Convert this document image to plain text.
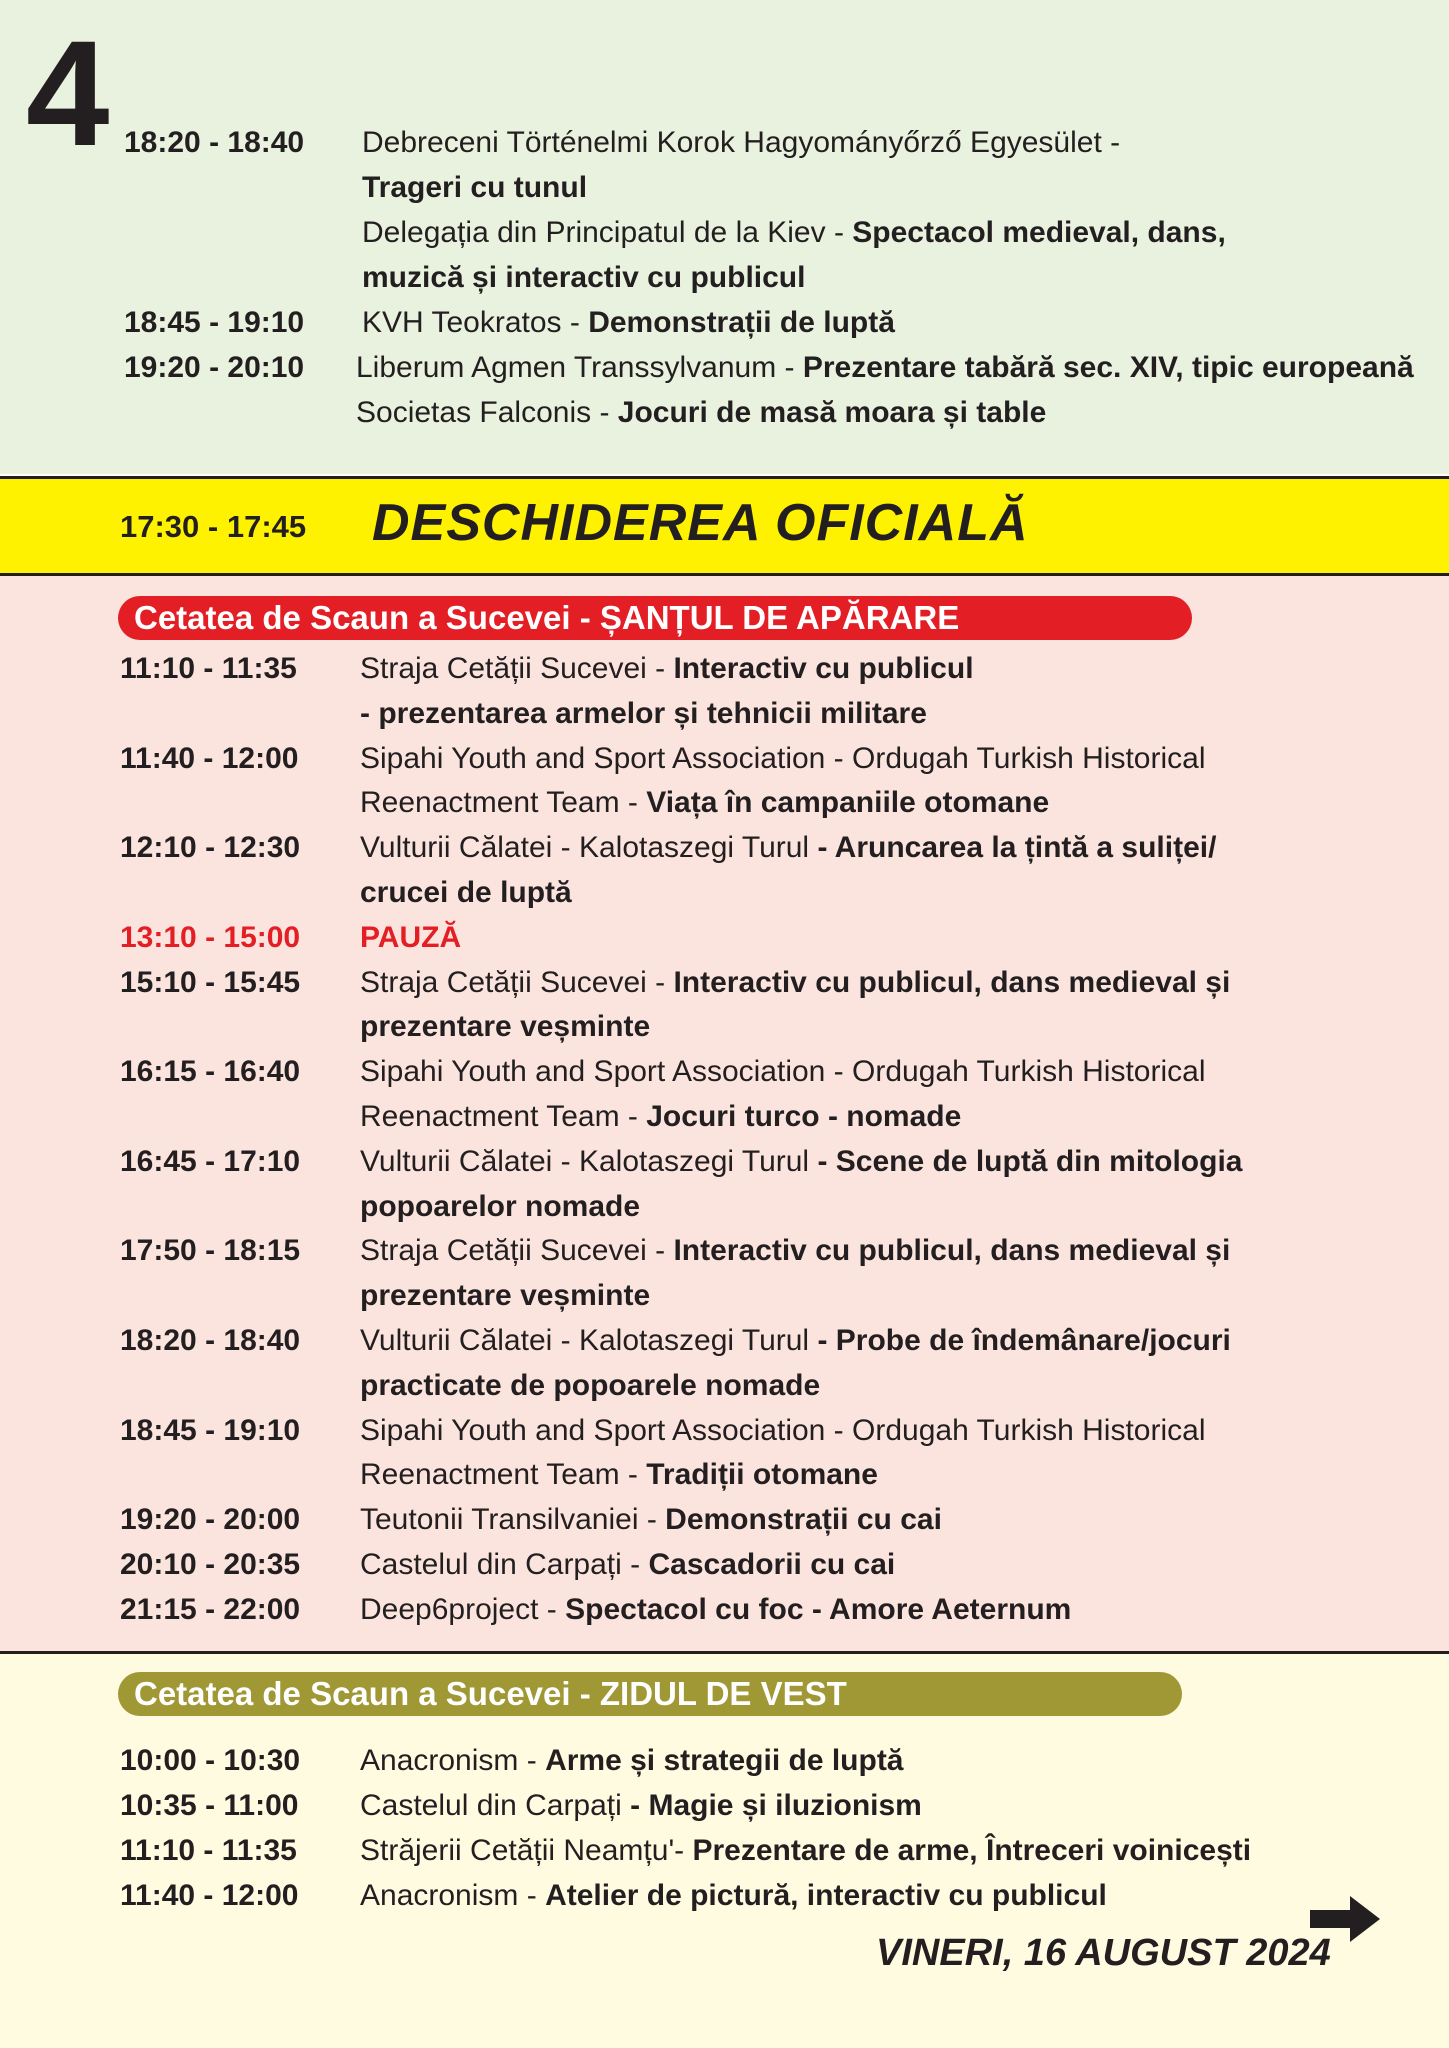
4 18:20 - 18:40 Debreceni Történelmi Korok Hagyományőrző Egyesület -
Trageri cu tunul
Delegația din Principatul de la Kiev - Spectacol medieval, dans,
muzică și interactiv cu publicul
18:45 - 19:10 KVH Teokratos - Demonstrații de luptă
19:20 - 20:10 Liberum Agmen Transsylvanum - Prezentare tabără sec. XIV, tipic europeană
Societas Falconis - Jocuri de masă moara și table
17:30 - 17:45 DESCHIDEREA OFICIALĂ
Cetatea de Scaun a Sucevei - ȘANȚUL DE APĂRARE
11:10 - 11:35 Straja Cetății Sucevei - Interactiv cu publicul
- prezentarea armelor și tehnicii militare
11:40 - 12:00 Sipahi Youth and Sport Association - Ordugah Turkish Historical
Reenactment Team - Viața în campaniile otomane
12:10 - 12:30 Vulturii Călatei - Kalotaszegi Turul - Aruncarea la țintă a suliței/
crucei de luptă
13:10 - 15:00 PAUZĂ
15:10 - 15:45 Straja Cetății Sucevei - Interactiv cu publicul, dans medieval și
prezentare veșminte
16:15 - 16:40 Sipahi Youth and Sport Association - Ordugah Turkish Historical
Reenactment Team - Jocuri turco - nomade
16:45 - 17:10 Vulturii Călatei - Kalotaszegi Turul - Scene de luptă din mitologia
popoarelor nomade
17:50 - 18:15 Straja Cetății Sucevei - Interactiv cu publicul, dans medieval și
prezentare veșminte
18:20 - 18:40 Vulturii Călatei - Kalotaszegi Turul - Probe de îndemânare/jocuri
practicate de popoarele nomade
18:45 - 19:10 Sipahi Youth and Sport Association - Ordugah Turkish Historical
Reenactment Team - Tradiții otomane
19:20 - 20:00 Teutonii Transilvaniei - Demonstrații cu cai
20:10 - 20:35 Castelul din Carpați - Cascadorii cu cai
21:15 - 22:00 Deep6project - Spectacol cu foc - Amore Aeternum
Cetatea de Scaun a Sucevei - ZIDUL DE VEST
10:00 - 10:30 Anacronism - Arme și strategii de luptă
10:35 - 11:00 Castelul din Carpați - Magie și iluzionism
11:10 - 11:35 Străjerii Cetății Neamțu'- Prezentare de arme, Întreceri voinicești
11:40 - 12:00 Anacronism - Atelier de pictură, interactiv cu publicul
VINERI, 16 AUGUST 2024
